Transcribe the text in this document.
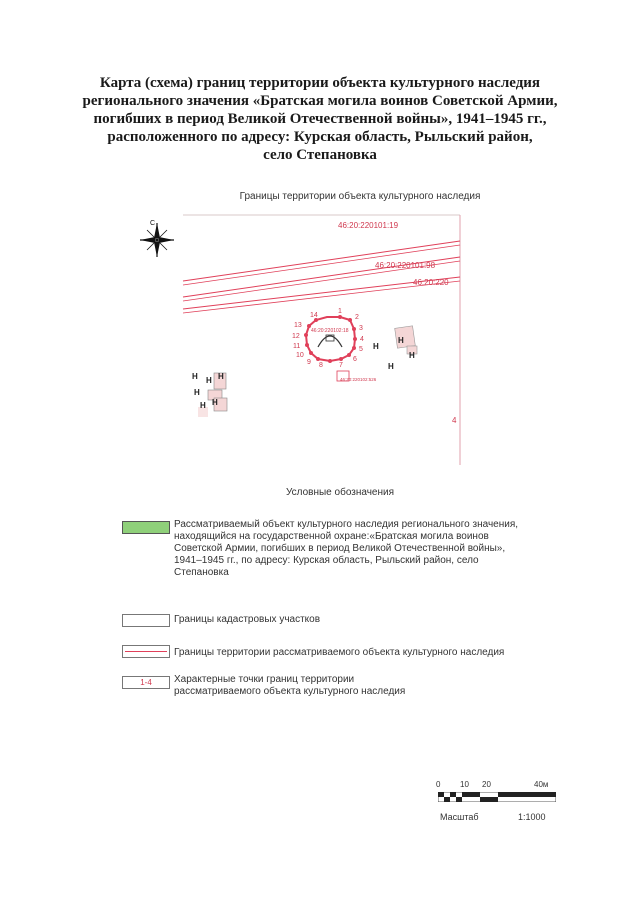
Карта (схема) границ территории объекта культурного наследия
регионального значения «Братская могила воинов Советской Армии,
погибших в период Великой Отечественной войны», 1941–1945 гг.,
расположенного по адресу: Курская область, Рыльский район,
село Степановка
Границы территории объекта культурного наследия
С	46:20:220101:19
46:20:220101:98
46:20:220
46:20:220102:18
1
2
3
4
5
6
7
8
9
10
11
12
13
14
46:20:220102:526
Н
Н
Н
Н
Н Н Н
Н
Н Н
4
Условные обозначения
Рассматриваемый объект культурного наследия регионального значения, находящийся на государственной охране:«Братская могила воинов Советской Армии, погибших в период Великой Отечественной войны», 1941–1945 гг., по адресу: Курская область, Рыльский район, село Степановка
Границы кадастровых участков
Границы территории рассматриваемого объекта культурного наследия
1-4	Характерные точки границ территории рассматриваемого объекта культурного наследия
0 10 20	40м
Масштаб	1:1000
